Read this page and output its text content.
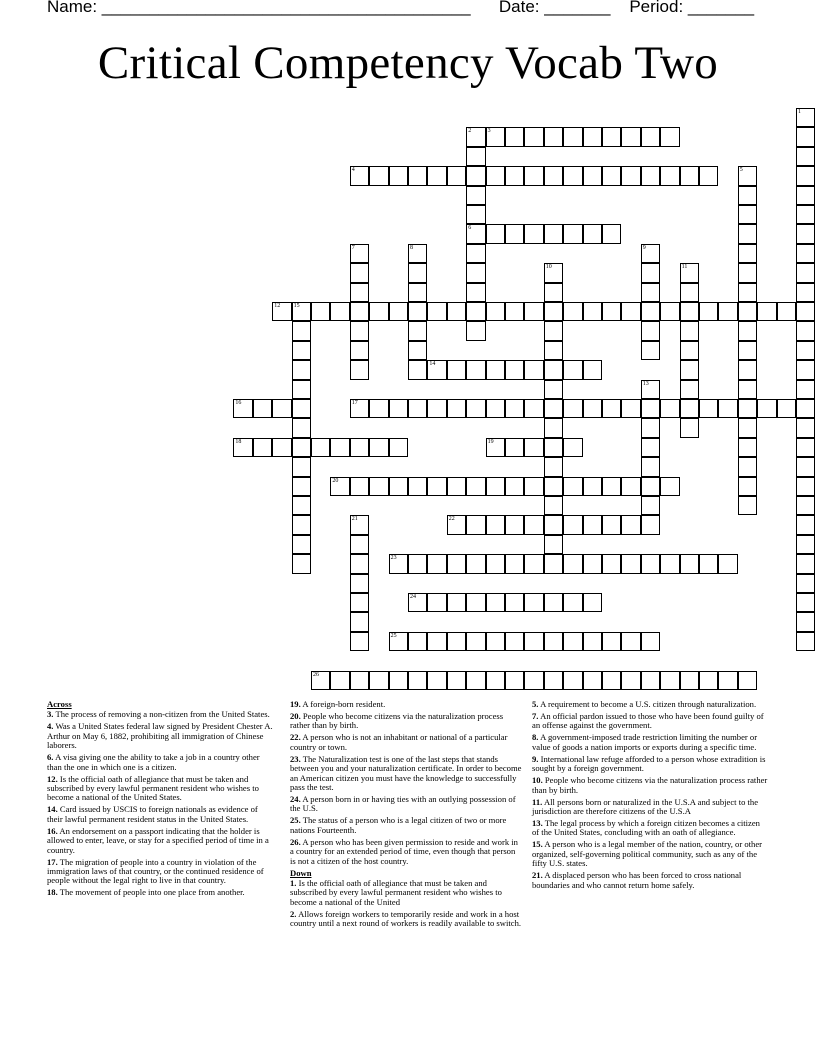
Name: _______________________________________ Date: _______ Period: _______
Critical Competency Vocab Two
3
4
6
12 15
14
16	17
18	19
20
22
23
24
25
26
1
2
5
7	8	9
10	11
13
21
Across
3. The process of removing a non-citizen from the United States.
4. Was a United States federal law signed by President Chester A. Arthur on May 6, 1882, prohibiting all immigration of Chinese laborers.
6. A visa giving one the ability to take a job in a country other than the one in which one is a citizen.
12. Is the official oath of allegiance that must be taken and subscribed by every lawful permanent resident who wishes to become a national of the United States.
14. Card issued by USCIS to foreign nationals as evidence of their lawful permanent resident status in the United States.
16. An endorsement on a passport indicating that the holder is allowed to enter, leave, or stay for a specified period of time in a country.
17. The migration of people into a country in violation of the immigration laws of that country, or the continued residence of people without the legal right to live in that country.
18. The movement of people into one place from another.
19. A foreign-born resident.
20. People who become citizens via the naturalization process rather than by birth.
22. A person who is not an inhabitant or national of a particular country or town.
23. The Naturalization test is one of the last steps that stands between you and your naturalization certificate. In order to become an American citizen you must have the knowledge to successfully pass the test.
24. A person born in or having ties with an outlying possession of the U.S.
25. The status of a person who is a legal citizen of two or more nations Fourteenth.
26. A person who has been given permission to reside and work in a country for an extended period of time, even though that person is not a citizen of the host country.
Down
1. Is the official oath of allegiance that must be taken and subscribed by every lawful permanent resident who wishes to become a national of the United
2. Allows foreign workers to temporarily reside and work in a host country until a next round of workers is readily available to switch.
5. A requirement to become a U.S. citizen through naturalization.
7. An official pardon issued to those who have been found guilty of an offense against the government.
8. A government-imposed trade restriction limiting the number or value of goods a nation imports or exports during a specific time.
9. International law refuge afforded to a person whose extradition is sought by a foreign government.
10. People who become citizens via the naturalization process rather than by birth.
11. All persons born or naturalized in the U.S.A and subject to the jurisdiction are therefore citizens of the U.S.A
13. The legal process by which a foreign citizen becomes a citizen of the United States, concluding with an oath of allegiance.
15. A person who is a legal member of the nation, country, or other organized, self-governing political community, such as any of the fifty U.S. states.
21. A displaced person who has been forced to cross national boundaries and who cannot return home safely.
